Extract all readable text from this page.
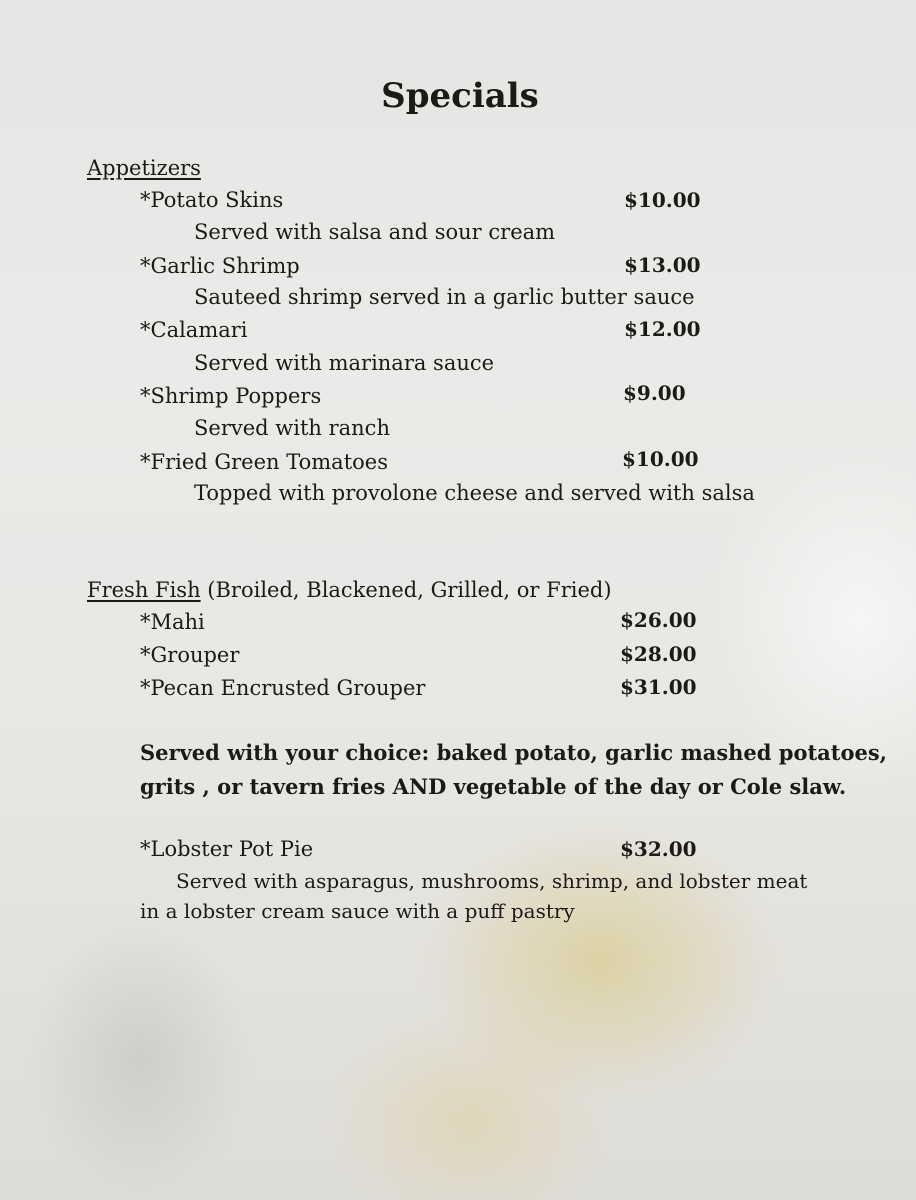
Specials
Appetizers
*Potato Skins	$10.00
Served with salsa and sour cream
*Garlic Shrimp	$13.00
Sauteed shrimp served in a garlic butter sauce
*Calamari	$12.00
Served with marinara sauce
*Shrimp Poppers	$9.00
Served with ranch
*Fried Green Tomatoes	$10.00
Topped with provolone cheese and served with salsa
Fresh Fish (Broiled, Blackened, Grilled, or Fried)
*Mahi	$26.00
*Grouper	$28.00
*Pecan Encrusted Grouper	$31.00
Served with your choice: baked potato, garlic mashed potatoes,
grits , or tavern fries AND vegetable of the day or Cole slaw.
*Lobster Pot Pie	$32.00
Served with asparagus, mushrooms, shrimp, and lobster meat in a lobster cream sauce with a puff pastry
